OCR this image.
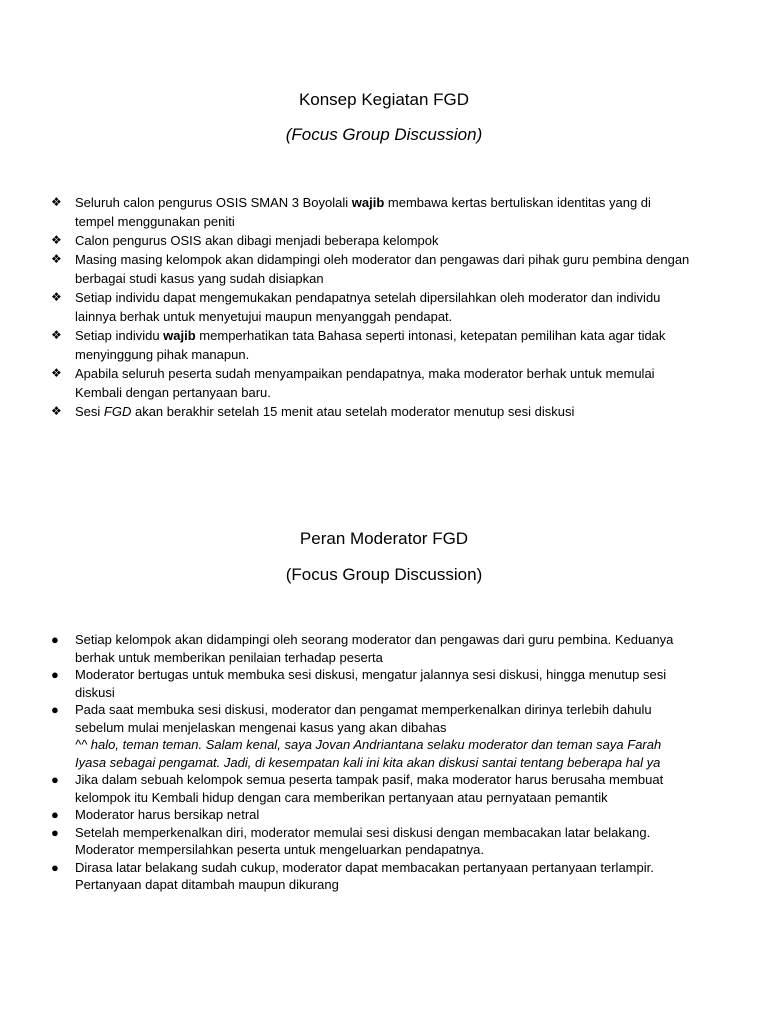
Konsep Kegiatan FGD
(Focus Group Discussion)
❖	Seluruh calon pengurus OSIS SMAN 3 Boyolali wajib membawa kertas bertuliskan identitas yang di tempel menggunakan peniti
❖	Calon pengurus OSIS akan dibagi menjadi beberapa kelompok
❖	Masing masing kelompok akan didampingi oleh moderator dan pengawas dari pihak guru pembina dengan berbagai studi kasus yang sudah disiapkan
❖	Setiap individu dapat mengemukakan pendapatnya setelah dipersilahkan oleh moderator dan individu lainnya berhak untuk menyetujui maupun menyanggah pendapat.
❖	Setiap individu wajib memperhatikan tata Bahasa seperti intonasi, ketepatan pemilihan kata agar tidak menyinggung pihak manapun.
❖	Apabila seluruh peserta sudah menyampaikan pendapatnya, maka moderator berhak untuk memulai Kembali dengan pertanyaan baru.
❖	Sesi FGD akan berakhir setelah 15 menit atau setelah moderator menutup sesi diskusi
Peran Moderator FGD
(Focus Group Discussion)
●	Setiap kelompok akan didampingi oleh seorang moderator dan pengawas dari guru pembina. Keduanya berhak untuk memberikan penilaian terhadap peserta
●	Moderator bertugas untuk membuka sesi diskusi, mengatur jalannya sesi diskusi, hingga menutup sesi diskusi
●	Pada saat membuka sesi diskusi, moderator dan pengamat memperkenalkan dirinya terlebih dahulu sebelum mulai menjelaskan mengenai kasus yang akan dibahas
^^ halo, teman teman. Salam kenal, saya Jovan Andriantana selaku moderator dan teman saya Farah Iyasa sebagai pengamat. Jadi, di kesempatan kali ini kita akan diskusi santai tentang beberapa hal ya
●	Jika dalam sebuah kelompok semua peserta tampak pasif, maka moderator harus berusaha membuat kelompok itu Kembali hidup dengan cara memberikan pertanyaan atau pernyataan pemantik
●	Moderator harus bersikap netral
●	Setelah memperkenalkan diri, moderator memulai sesi diskusi dengan membacakan latar belakang. Moderator mempersilahkan peserta untuk mengeluarkan pendapatnya.
●	Dirasa latar belakang sudah cukup, moderator dapat membacakan pertanyaan pertanyaan terlampir. Pertanyaan dapat ditambah maupun dikurang
